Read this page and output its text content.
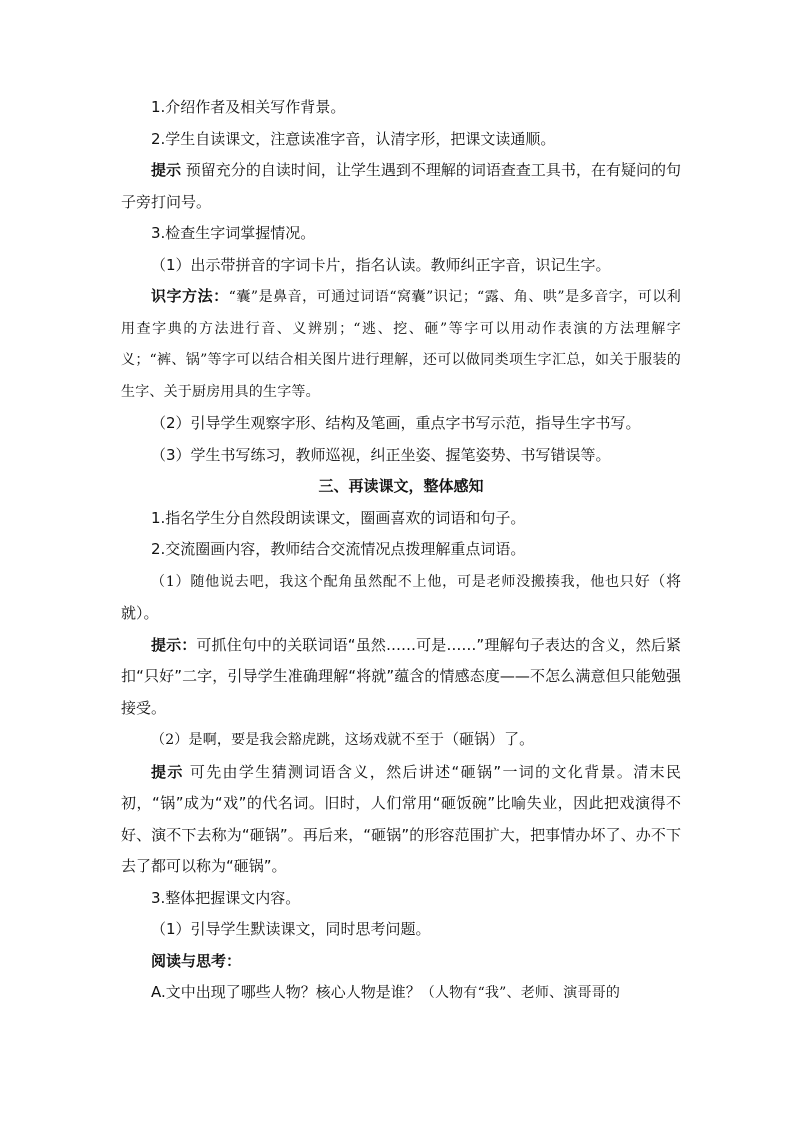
1.介绍作者及相关写作背景。

2.学生自读课文，注意读准字音，认清字形，把课文读通顺。

提示 预留充分的自读时间，让学生遇到不理解的词语查查工具书，在有疑问的句子旁打问号。

3.检查生字词掌握情况。

（1）出示带拼音的字词卡片，指名认读。教师纠正字音，识记生字。

识字方法：“囊”是鼻音，可通过词语“窝囊”识记；“露、角、哄”是多音字，可以利用查字典的方法进行音、义辨别；“逃、挖、砸”等字可以用动作表演的方法理解字义；“裤、锅”等字可以结合相关图片进行理解，还可以做同类项生字汇总，如关于服装的生字、关于厨房用具的生字等。

（2）引导学生观察字形、结构及笔画，重点字书写示范，指导生字书写。

（3）学生书写练习，教师巡视，纠正坐姿、握笔姿势、书写错误等。

三、再读课文，整体感知

1.指名学生分自然段朗读课文，圈画喜欢的词语和句子。

2.交流圈画内容，教师结合交流情况点拨理解重点词语。

（1）随他说去吧，我这个配角虽然配不上他，可是老师没搬揍我，他也只好（将就）。

提示：可抓住句中的关联词语“虽然……可是……”理解句子表达的含义，然后紧扣“只好”二字，引导学生准确理解“将就”蕴含的情感态度——不怎么满意但只能勉强接受。

（2）是啊，要是我会豁虎跳，这场戏就不至于（砸锅）了。

提示 可先由学生猜测词语含义，然后讲述“砸锅”一词的文化背景。清末民初，“锅”成为“戏”的代名词。旧时，人们常用“砸饭碗”比喻失业，因此把戏演得不好、演不下去称为“砸锅”。再后来，“砸锅”的形容范围扩大，把事情办坏了、办不下去了都可以称为“砸锅”。

3.整体把握课文内容。

（1）引导学生默读课文，同时思考问题。

阅读与思考：

A.文中出现了哪些人物？核心人物是谁？（人物有“我”、老师、演哥哥的
